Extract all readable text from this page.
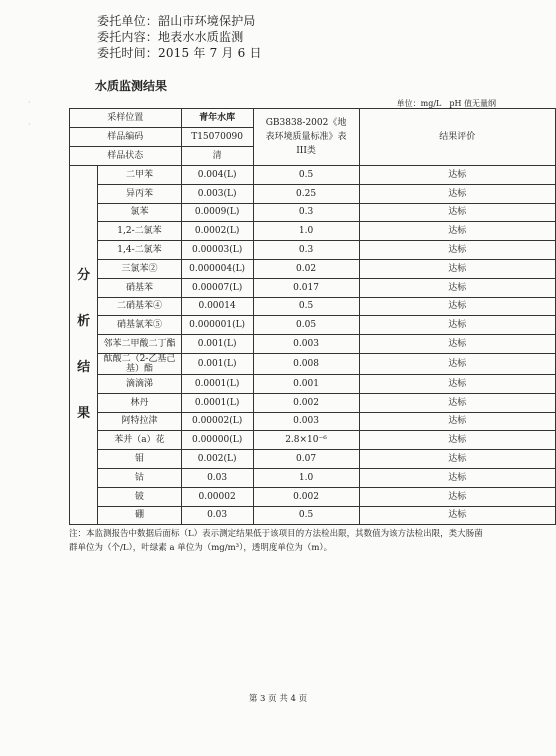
委托单位：韶山市环境保护局
委托内容：地表水水质监测
委托时间：2015 年 7 月 6 日
水质监测结果
单位：mg/L　pH 值无量纲
·
·
采样位置		青年水库	GB3838-2002《地表环境质量标准》表III类	结果评价
样品编码		T15070090		
样品状态		清		

分
析
结
果	二甲苯	0.004(L)	0.5	达标
	异丙苯	0.003(L)	0.25	达标
	氯苯	0.0009(L)	0.3	达标
	1,2-二氯苯	0.0002(L)	1.0	达标
	1,4-二氯苯	0.00003(L)	0.3	达标
	三氯苯②	0.000004(L)	0.02	达标
	硝基苯	0.00007(L)	0.017	达标
	二硝基苯④	0.00014	0.5	达标
	硝基氯苯⑤	0.000001(L)	0.05	达标
	邻苯二甲酸二丁酯	0.001(L)	0.003	达标
	酞酸二（2-乙基己基）酯	0.001(L)	0.008	达标
	滴滴涕	0.0001(L)	0.001	达标
	林丹	0.0001(L)	0.002	达标
	阿特拉津	0.00002(L)	0.003	达标
	苯并（a）花	0.00000(L)	2.8×10⁻⁶	达标
	钼	0.002(L)	0.07	达标
	钴	0.03	1.0	达标
	铍	0.00002	0.002	达标
	硼	0.03	0.5	达标
注：本监测报告中数据后面标（L）表示测定结果低于该项目的方法检出限，其数值为该方法检出限，类大肠菌群单位为（个/L），叶绿素 a 单位为（mg/m³），透明度单位为（m）。
第 3 页 共 4 页
